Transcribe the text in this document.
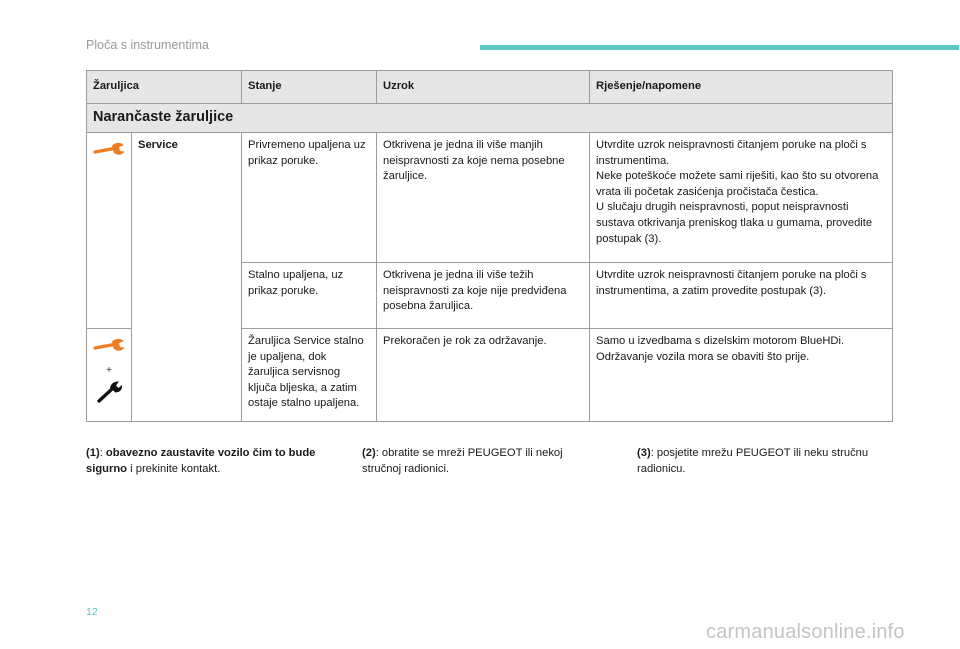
Ploča s instrumentima
Žaruljica		Stanje	Uzrok	Rješenje/napomene
Narančaste žaruljice				
	Service	Privremeno upaljena uz prikaz poruke.	Otkrivena je jedna ili više manjih neispravnosti za koje nema posebne žaruljice.	Utvrdite uzrok neispravnosti čitanjem poruke na ploči s instrumentima.
Neke poteškoće možete sami riješiti, kao što su otvorena vrata ili početak zasićenja pročistača čestica.
U slučaju drugih neispravnosti, poput neispravnosti sustava otkrivanja preniskog tlaka u gumama, provedite postupak (3).

		Stalno upaljena, uz prikaz poruke.	Otkrivena je jedna ili više težih neispravnosti za koje nije predviđena posebna žaruljica.	Utvrdite uzrok neispravnosti čitanjem poruke na ploči s instrumentima, a zatim provedite postupak (3).

+		Žaruljica Service stalno je upaljena, dok žaruljica servisnog ključa bljeska, a zatim ostaje stalno upaljena.	Prekoračen je rok za održavanje.	Samo u izvedbama s dizelskim motorom BlueHDi.
Održavanje vozila mora se obaviti što prije.
(1): obavezno zaustavite vozilo čim to bude sigurno i prekinite kontakt.
(2): obratite se mreži PEUGEOT ili nekoj stručnoj radionici.
(3): posjetite mrežu PEUGEOT ili neku stručnu radionicu.
12
carmanualsonline.info
